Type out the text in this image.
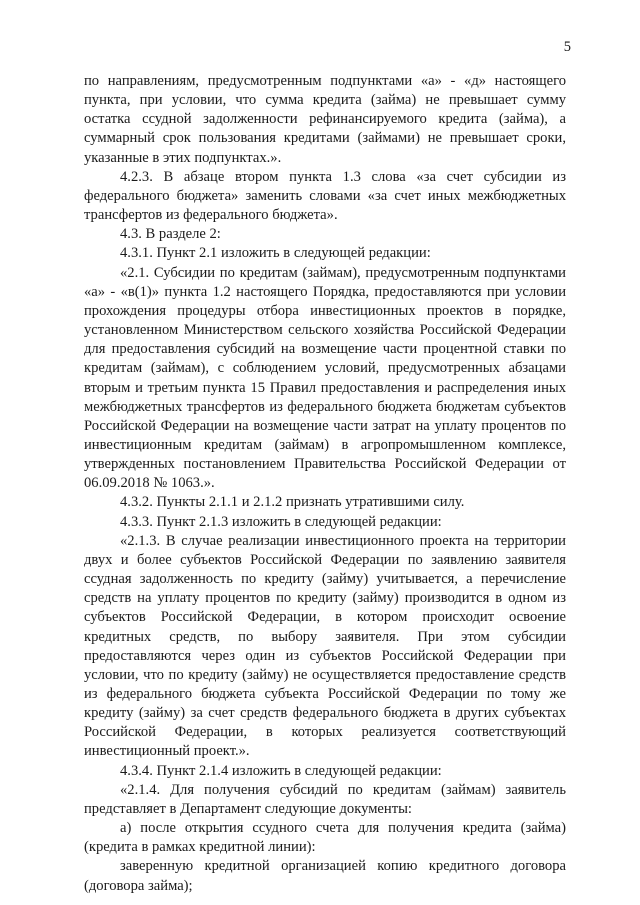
5

по направлениям, предусмотренным подпунктами «а» - «д» настоящего пункта, при условии, что сумма кредита (займа) не превышает сумму остатка ссудной задолженности рефинансируемого кредита (займа), а суммарный срок пользования кредитами (займами) не превышает сроки, указанные в этих подпунктах.».

4.2.3. В абзаце втором пункта 1.3 слова «за счет субсидии из федерального бюджета» заменить словами «за счет иных межбюджетных трансфертов из федерального бюджета».

4.3. В разделе 2:

4.3.1. Пункт 2.1 изложить в следующей редакции:

«2.1. Субсидии по кредитам (займам), предусмотренным подпунктами «а» - «в(1)» пункта 1.2 настоящего Порядка, предоставляются при условии прохождения процедуры отбора инвестиционных проектов в порядке, установленном Министерством сельского хозяйства Российской Федерации для предоставления субсидий на возмещение части процентной ставки по кредитам (займам), с соблюдением условий, предусмотренных абзацами вторым и третьим пункта 15 Правил предоставления и распределения иных межбюджетных трансфертов из федерального бюджета бюджетам субъектов Российской Федерации на возмещение части затрат на уплату процентов по инвестиционным кредитам (займам) в агропромышленном комплексе, утвержденных постановлением Правительства Российской Федерации от 06.09.2018 № 1063.».

4.3.2. Пункты 2.1.1 и 2.1.2 признать утратившими силу.

4.3.3. Пункт 2.1.3 изложить в следующей редакции:

«2.1.3. В случае реализации инвестиционного проекта на территории двух и более субъектов Российской Федерации по заявлению заявителя ссудная задолженность по кредиту (займу) учитывается, а перечисление средств на уплату процентов по кредиту (займу) производится в одном из субъектов Российской Федерации, в котором происходит освоение кредитных средств, по выбору заявителя. При этом субсидии предоставляются через один из субъектов Российской Федерации при условии, что по кредиту (займу) не осуществляется предоставление средств из федерального бюджета субъекта Российской Федерации по тому же кредиту (займу) за счет средств федерального бюджета в других субъектах Российской Федерации, в которых реализуется соответствующий инвестиционный проект.».

4.3.4. Пункт 2.1.4 изложить в следующей редакции:

«2.1.4. Для получения субсидий по кредитам (займам) заявитель представляет в Департамент следующие документы:

а) после открытия ссудного счета для получения кредита (займа) (кредита в рамках кредитной линии):

заверенную кредитной организацией копию кредитного договора (договора займа);
